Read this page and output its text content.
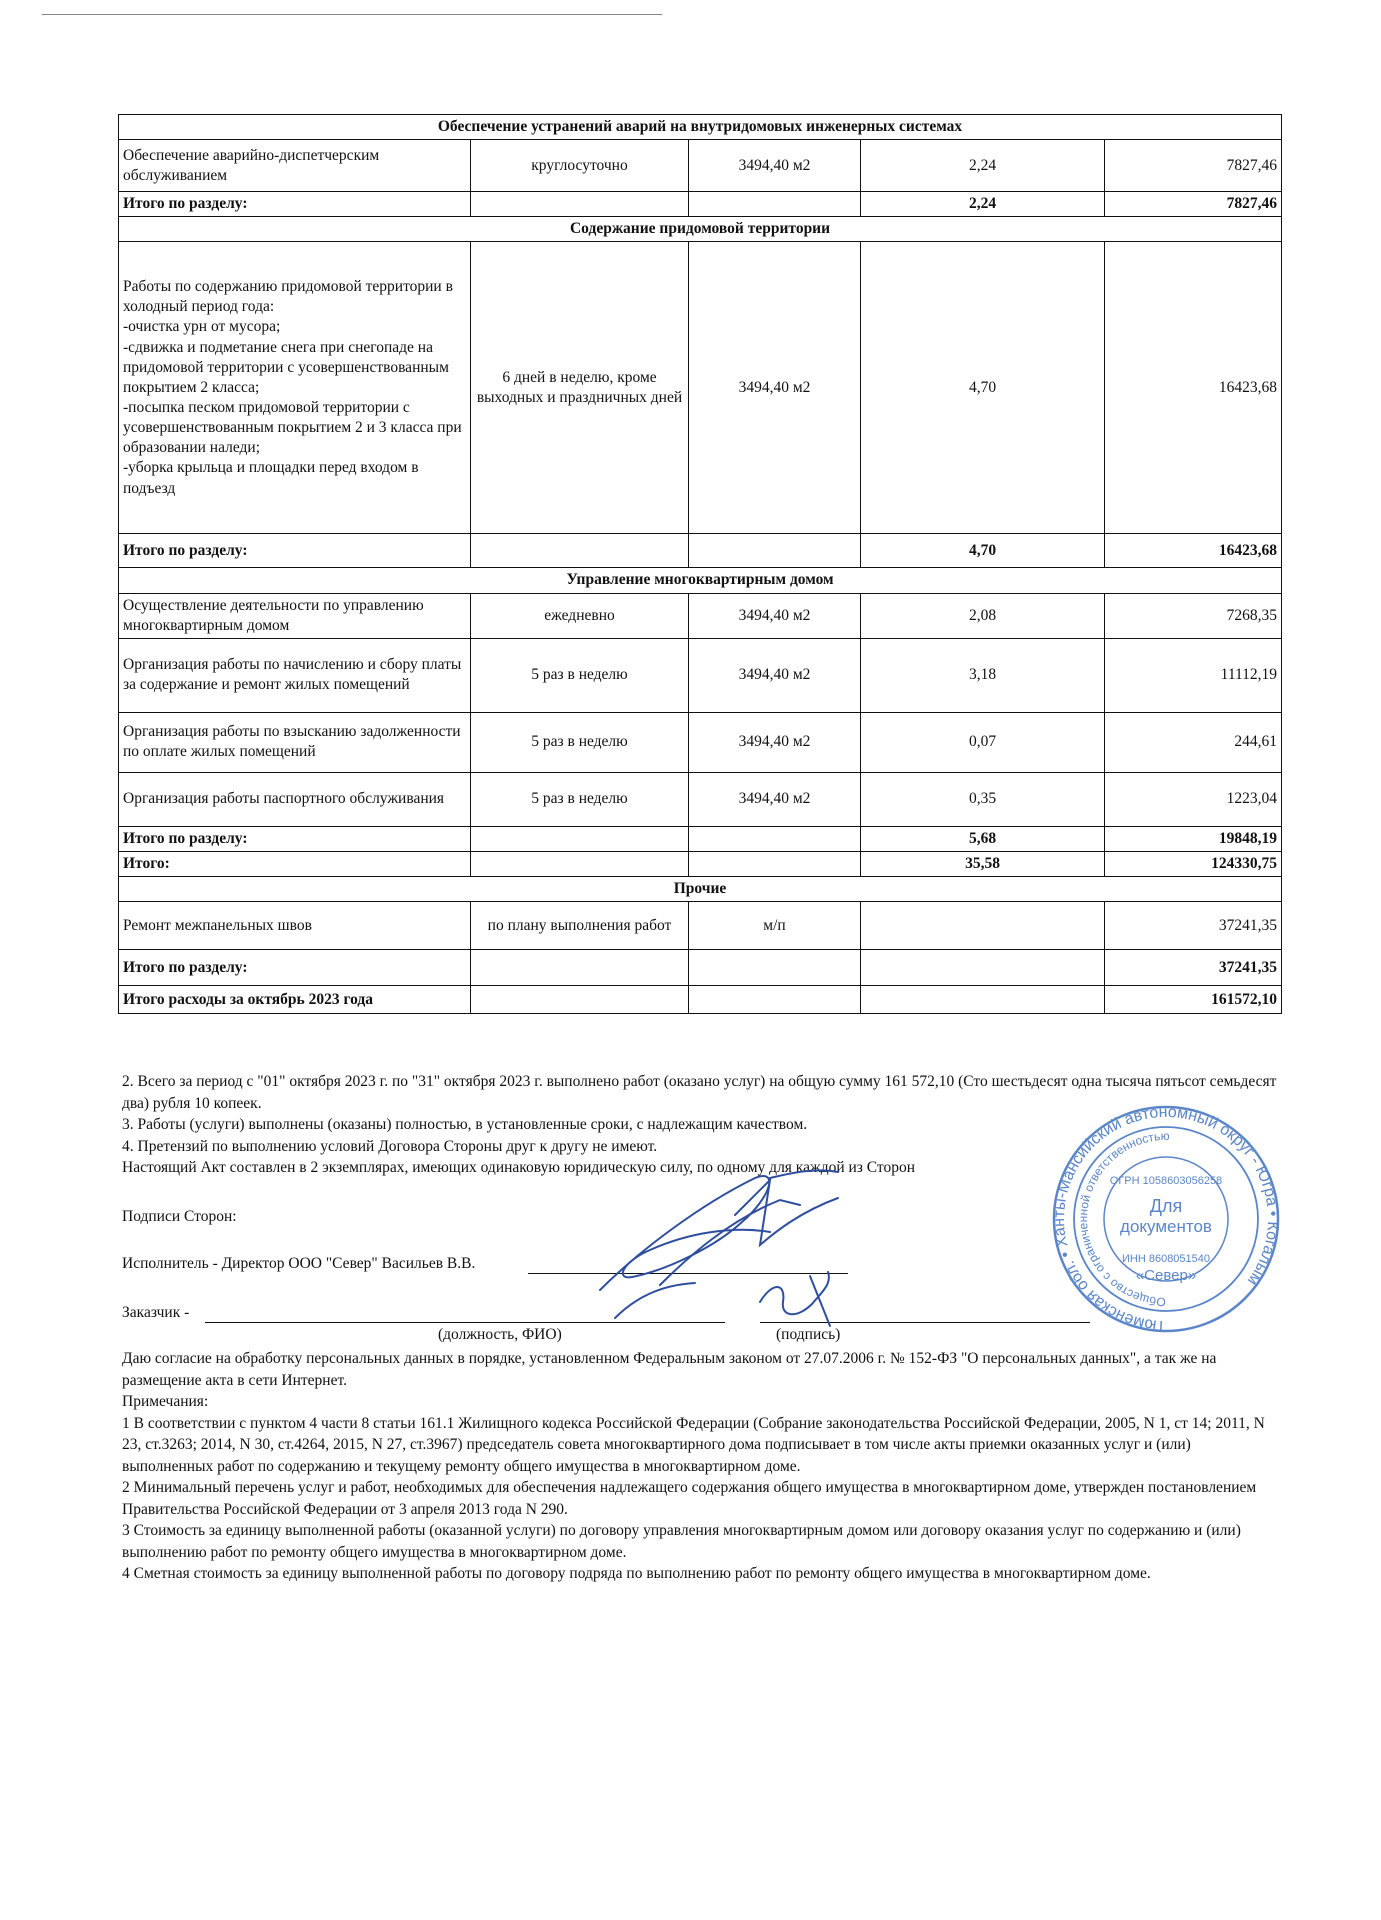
Обеспечение устранений аварий на внутридомовых инженерных системах				
Обеспечение аварийно-диспетчерским обслуживанием	круглосуточно	3494,40 м2	2,24	7827,46
Итого по разделу:			2,24	7827,46
Содержание придомовой территории				
Работы по содержанию придомовой территории в холодный период года:
-очистка урн от мусора;
-сдвижка и подметание снега при снегопаде на придомовой территории с усовершенствованным покрытием 2 класса;
-посыпка песком придомовой территории с усовершенствованным покрытием 2 и 3 класса при образовании наледи;
-уборка крыльца и площадки перед входом в подъезд	6 дней в неделю, кроме выходных и праздничных дней	3494,40 м2	4,70	16423,68
Итого по разделу:			4,70	16423,68
Управление многоквартирным домом				
Осуществление деятельности по управлению многоквартирным домом	ежедневно	3494,40 м2	2,08	7268,35
Организация работы по начислению и сбору платы за содержание и ремонт жилых помещений	5 раз в неделю	3494,40 м2	3,18	11112,19
Организация работы по взысканию задолженности по оплате жилых помещений	5 раз в неделю	3494,40 м2	0,07	244,61
Организация работы паспортного обслуживания	5 раз в неделю	3494,40 м2	0,35	1223,04
Итого по разделу:			5,68	19848,19
Итого:			35,58	124330,75
Прочие				
Ремонт межпанельных швов	по плану выполнения работ	м/п		37241,35
Итого по разделу:				37241,35
Итого расходы за октябрь 2023 года				161572,10
2. Всего за период с "01" октября 2023 г. по "31" октября 2023 г. выполнено работ (оказано услуг) на общую сумму 161 572,10 (Сто шестьдесят одна тысяча пятьсот семьдесят два) рубля 10 копеек.
3. Работы (услуги) выполнены (оказаны) полностью, в установленные сроки, с надлежащим качеством.
4. Претензий по выполнению условий Договора Стороны друг к другу не имеют.
Настоящий Акт составлен в 2 экземплярах, имеющих одинаковую юридическую силу, по одному для каждой из Сторон
Подписи Сторон:
Исполнитель - Директор ООО "Север" Васильев В.В.
Заказчик -
(должность, ФИО)	(подпись)
Даю согласие на обработку персональных данных в порядке, установленном Федеральным законом от 27.07.2006 г. № 152-ФЗ "О персональных данных", а так же на размещение акта в сети Интернет.
Примечания:
1 В соответствии с пунктом 4 части 8 статьи 161.1 Жилищного кодекса Российской Федерации (Собрание законодательства Российской Федерации, 2005, N 1, ст 14; 2011, N 23, ст.3263; 2014, N 30, ст.4264, 2015, N 27, ст.3967) председатель совета многоквартирного дома подписывает в том числе акты приемки оказанных услуг и (или) выполненных работ по содержанию и текущему ремонту общего имущества в многоквартирном доме.
2 Минимальный перечень услуг и работ, необходимых для обеспечения надлежащего содержания общего имущества в многоквартирном доме, утвержден постановлением Правительства Российской Федерации от 3 апреля 2013 года N 290.
3 Стоимость за единицу выполненной работы (оказанной услуги) по договору управления многоквартирным домом или договору оказания услуг по содержанию и (или) выполнению работ по ремонту общего имущества в многоквартирном доме.
4 Сметная стоимость за единицу выполненной работы по договору подряда по выполнению работ по ремонту общего имущества в многоквартирном доме.
Тюменская обл. • Ханты-Мансийский автономный округ - Югра • Когалым
Общество с ограниченной ответственностью
ОГРН 1058603056258
Для
документов
ИНН 8608051540
«Север»
